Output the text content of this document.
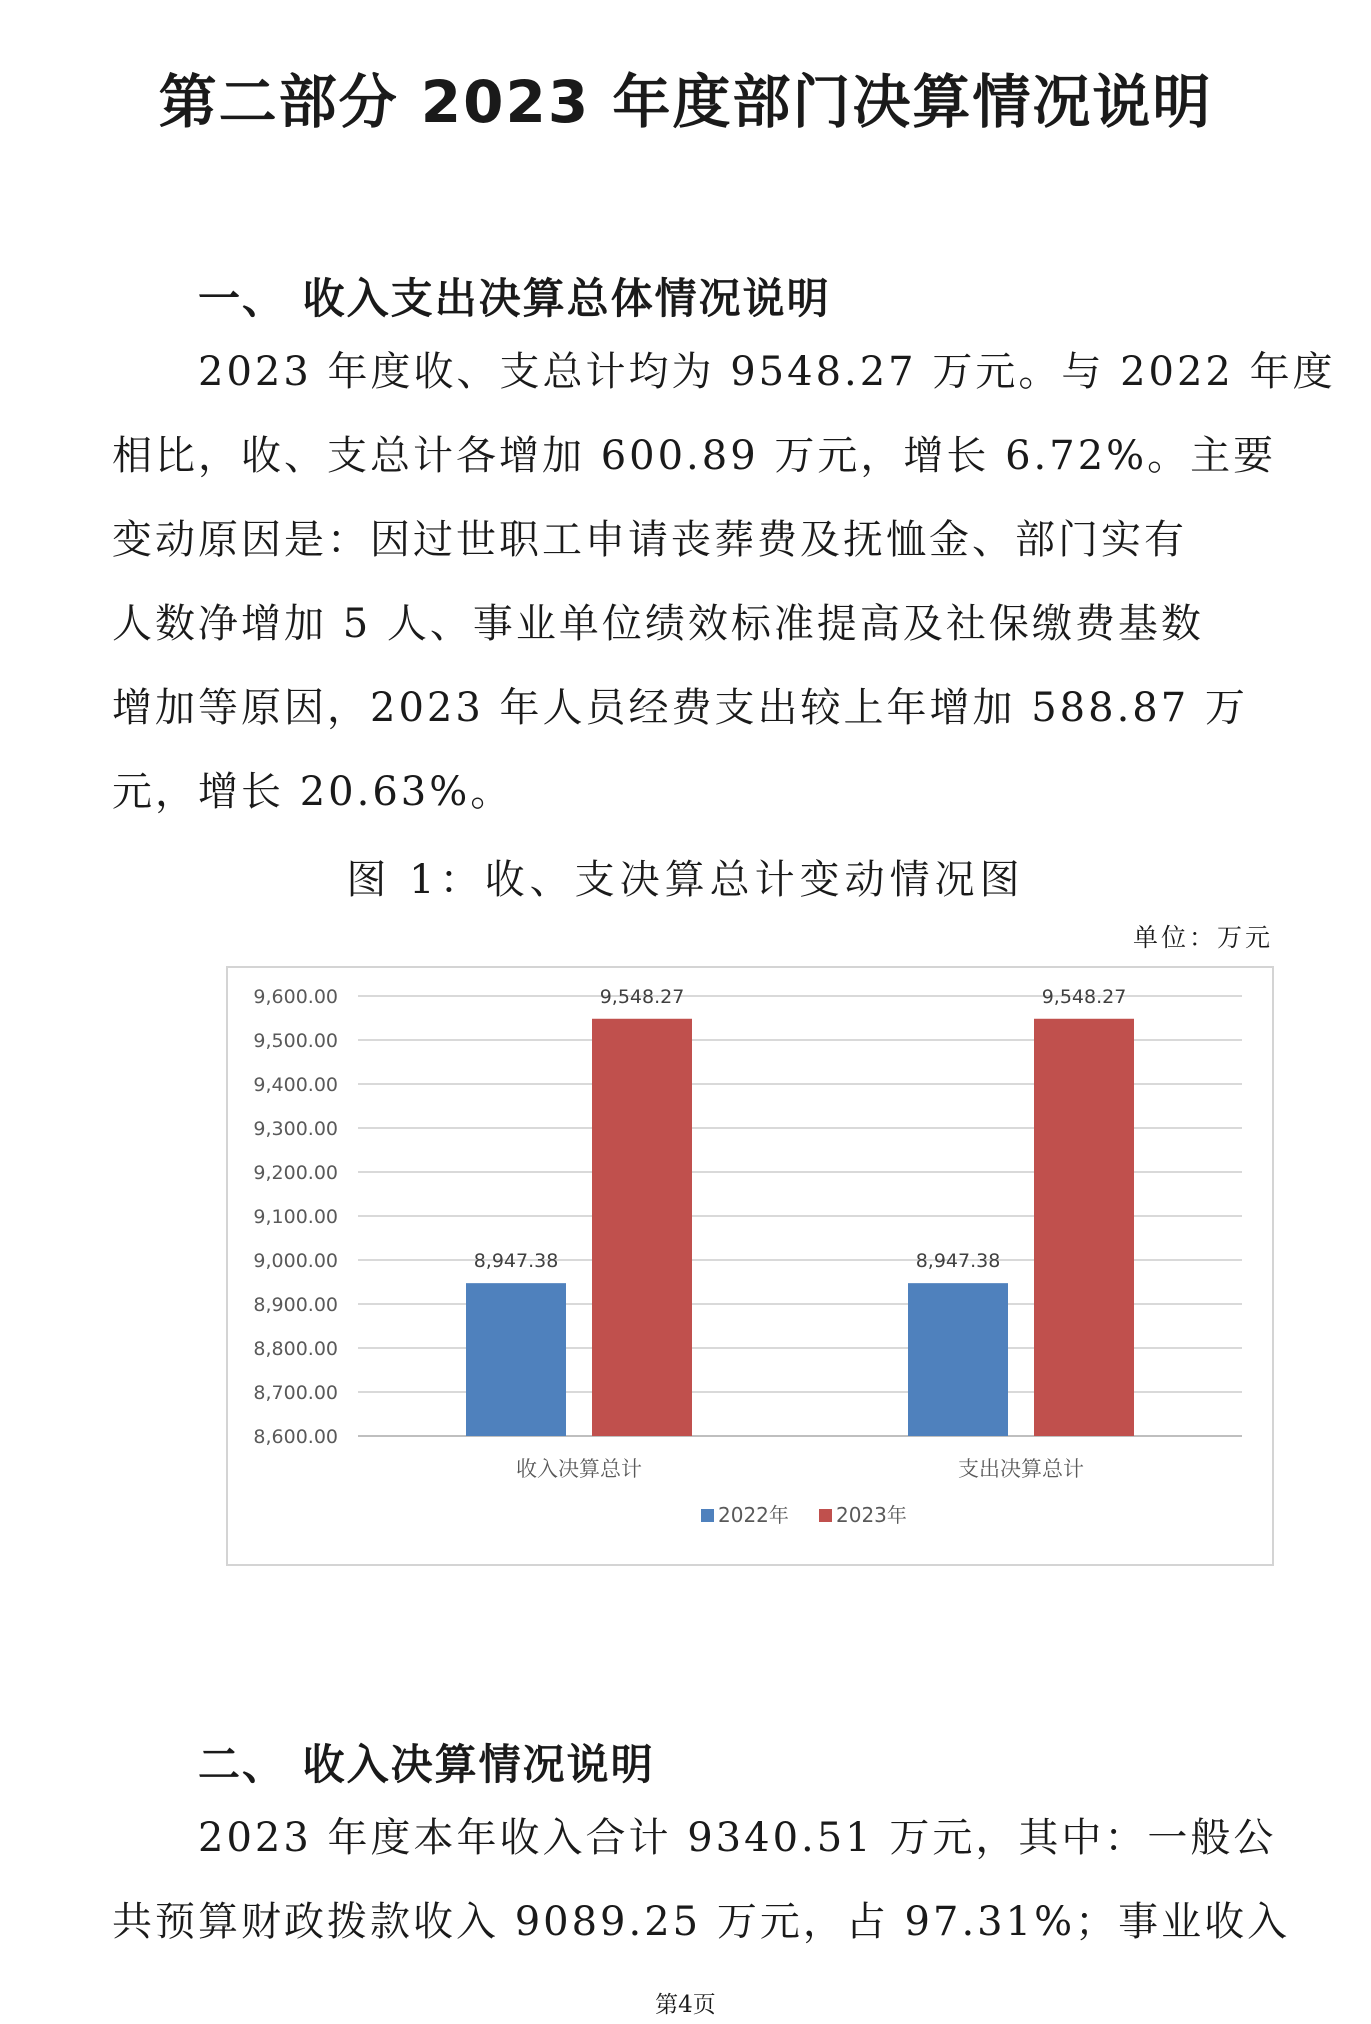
第二部分 2023 年度部门决算情况说明
一、 收入支出决算总体情况说明
2023 年度收、支总计均为 9548.27 万元。与 2022 年度
相比，收、支总计各增加 600.89 万元，增长 6.72%。主要
变动原因是：因过世职工申请丧葬费及抚恤金、部门实有
人数净增加 5 人、事业单位绩效标准提高及社保缴费基数
增加等原因，2023 年人员经费支出较上年增加 588.87 万
元，增长 20.63%。
图 1：收、支决算总计变动情况图
单位：万元
8,600.00
8,700.00
8,800.00
8,900.00
9,000.00
9,100.00
9,200.00
9,300.00
9,400.00
9,500.00
9,600.00
收入决算总计
8,947.38
9,548.27
支出决算总计
8,947.38
9,548.27
2022年 2023年
二、 收入决算情况说明
2023 年度本年收入合计 9340.51 万元，其中：一般公
共预算财政拨款收入 9089.25 万元，占 97.31%；事业收入
第4页
